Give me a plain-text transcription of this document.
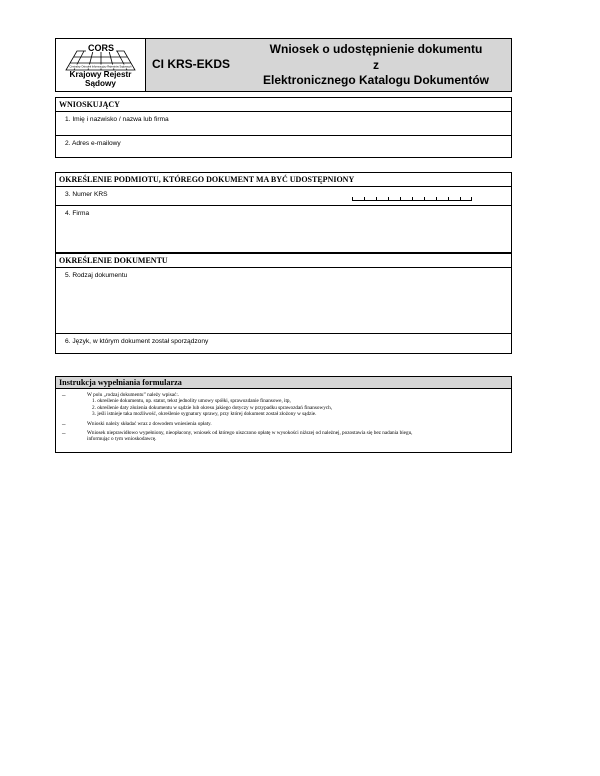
CORS
Centralny Ośrodek Informacyjny Rejestrów Sądowych
Krajowy Rejestr
Sądowy
CI KRS-EKDS
Wniosek o udostępnienie dokumentu
z
Elektronicznego Katalogu Dokumentów
WNIOSKUJĄCY
1. Imię i nazwisko / nazwa lub firma
2. Adres e-mailowy
OKREŚLENIE PODMIOTU, KTÓREGO DOKUMENT MA BYĆ UDOSTĘPNIONY
3. Numer KRS
4. Firma
OKREŚLENIE DOKUMENTU
5. Rodzaj dokumentu
6. Język, w którym dokument został sporządzony
Instrukcja wypełniania formularza
–	W polu „rodzaj dokumentu” należy wpisać:.
1. określenie dokumentu, np. statut, tekst jednolity umowy spółki, sprawozdanie finansowe, itp,
2. określenie daty złożenia dokumentu w sądzie lub okresu jakiego dotyczy w przypadku sprawozdań finansowych,
3. jeśli istnieje taka możliwość, określenie sygnatury sprawy, przy której dokument został złożony w sądzie.
–	Wnioski należy składać wraz z dowodem wniesienia opłaty.
–	Wniosek nieprawidłowo wypełniony, nieopłacony, wniosek od którego uiszczono opłatę w wysokości niższej od należnej, pozostawia się bez nadania biegu,
informując o tym wnioskodawcę.
